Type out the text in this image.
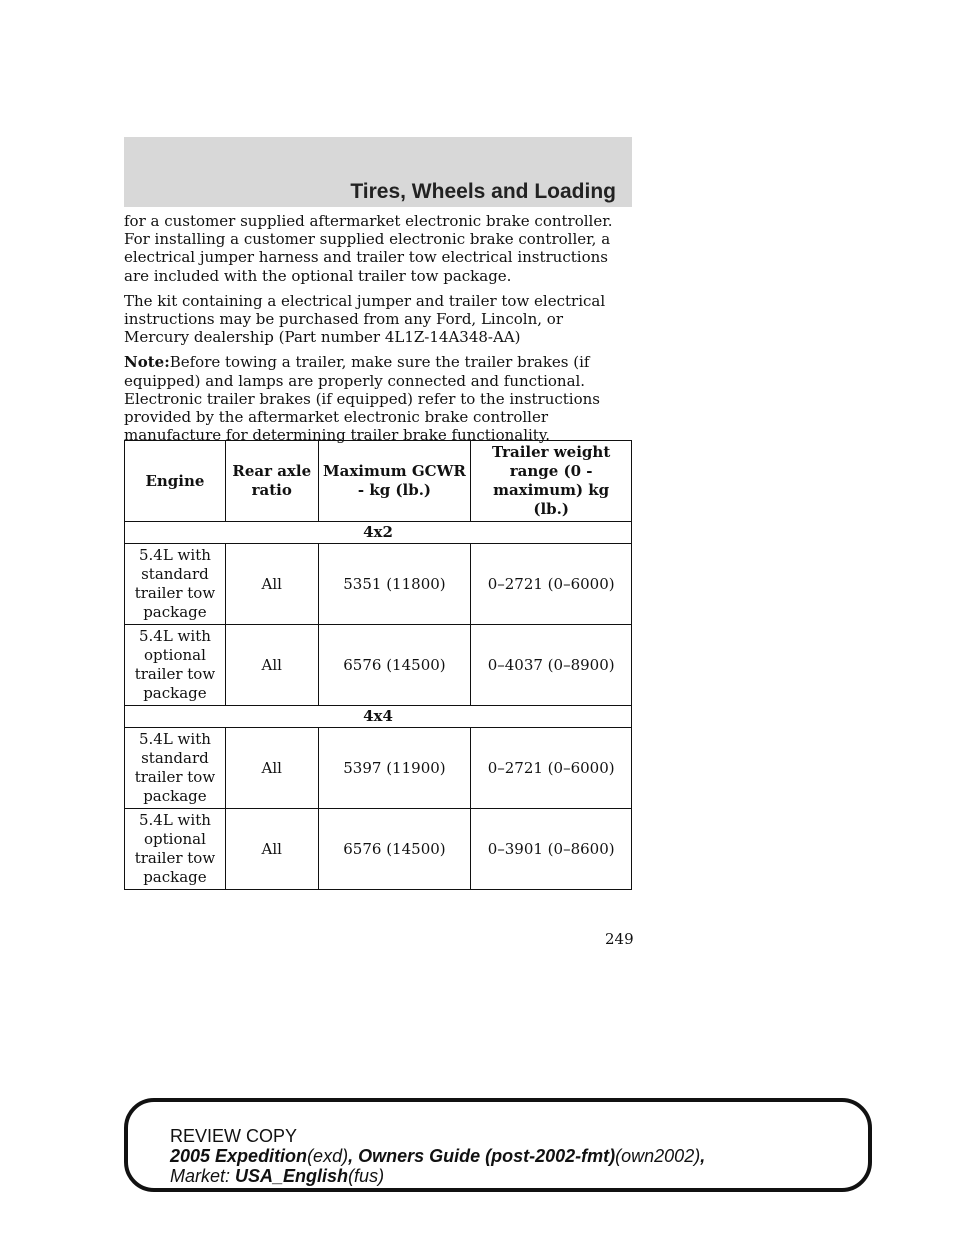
Tires, Wheels and Loading

for a customer supplied aftermarket electronic brake controller. For installing a customer supplied electronic brake controller, a electrical jumper harness and trailer tow electrical instructions are included with the optional trailer tow package.

The kit containing a electrical jumper and trailer tow electrical instructions may be purchased from any Ford, Lincoln, or Mercury dealership (Part number 4L1Z-14A348-AA)

Note:Before towing a trailer, make sure the trailer brakes (if equipped) and lamps are properly connected and functional. Electronic trailer brakes (if equipped) refer to the instructions provided by the aftermarket electronic brake controller manufacture for determining trailer brake functionality.

Engine	Rear axle ratio	Maximum GCWR - kg (lb.)	Trailer weight range (0 - maximum) kg (lb.)
4x2			
5.4L with standard trailer tow package	All	5351 (11800)	0–2721 (0–6000)
5.4L with optional trailer tow package	All	6576 (14500)	0–4037 (0–8900)
4x4			
5.4L with standard trailer tow package	All	5397 (11900)	0–2721 (0–6000)
5.4L with optional trailer tow package	All	6576 (14500)	0–3901 (0–8600)
249
REVIEW COPY
2005 Expedition(exd), Owners Guide (post-2002-fmt)(own2002),
Market: USA_English(fus)
